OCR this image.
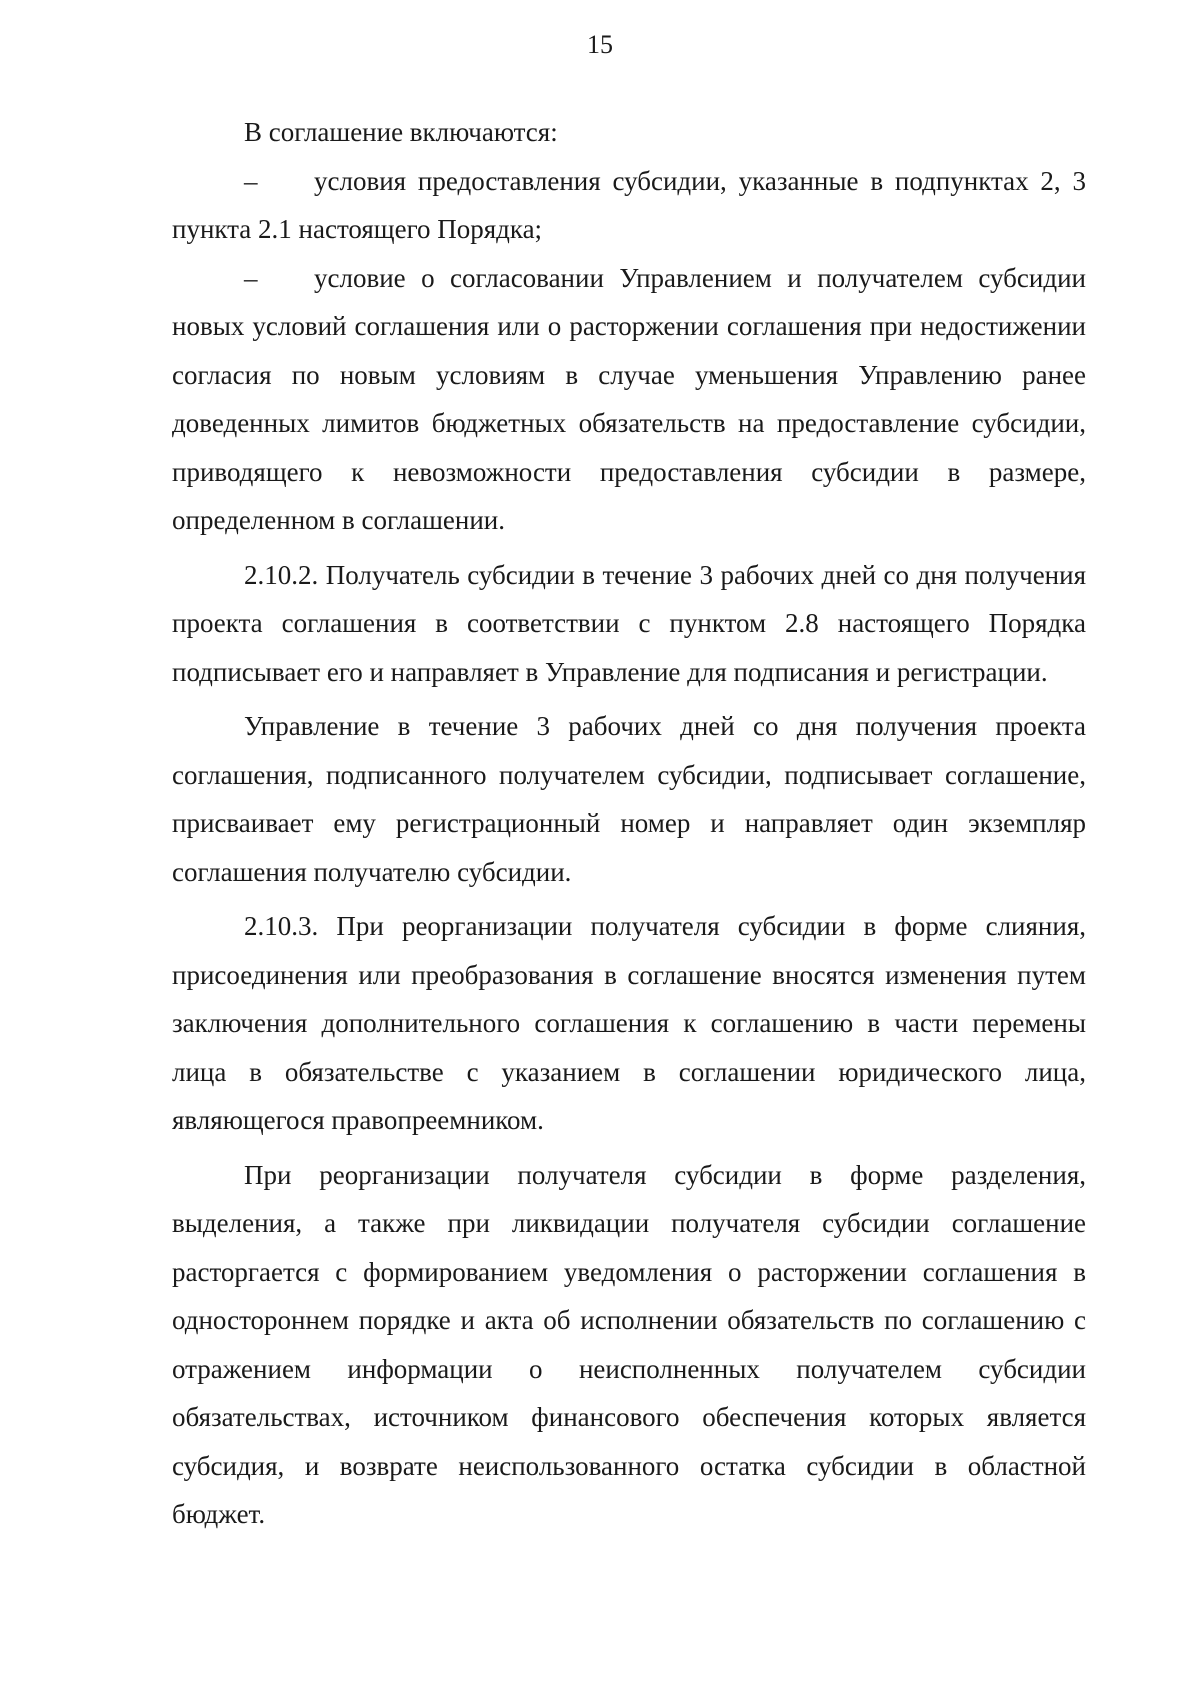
15

В соглашение включаются:

– условия предоставления субсидии, указанные в подпунктах 2, 3 пункта 2.1 настоящего Порядка;

– условие о согласовании Управлением и получателем субсидии новых условий соглашения или о расторжении соглашения при недостижении согласия по новым условиям в случае уменьшения Управлению ранее доведенных лимитов бюджетных обязательств на предоставление субсидии, приводящего к невозможности предоставления субсидии в размере, определенном в соглашении.

2.10.2. Получатель субсидии в течение 3 рабочих дней со дня получения проекта соглашения в соответствии с пунктом 2.8 настоящего Порядка подписывает его и направляет в Управление для подписания и регистрации.

Управление в течение 3 рабочих дней со дня получения проекта соглашения, подписанного получателем субсидии, подписывает соглашение, присваивает ему регистрационный номер и направляет один экземпляр соглашения получателю субсидии.

2.10.3. При реорганизации получателя субсидии в форме слияния, присоединения или преобразования в соглашение вносятся изменения путем заключения дополнительного соглашения к соглашению в части перемены лица в обязательстве с указанием в соглашении юридического лица, являющегося правопреемником.

При реорганизации получателя субсидии в форме разделения, выделения, а также при ликвидации получателя субсидии соглашение расторгается с формированием уведомления о расторжении соглашения в одностороннем порядке и акта об исполнении обязательств по соглашению с отражением информации о неисполненных получателем субсидии обязательствах, источником финансового обеспечения которых является субсидия, и возврате неиспользованного остатка субсидии в областной бюджет.
